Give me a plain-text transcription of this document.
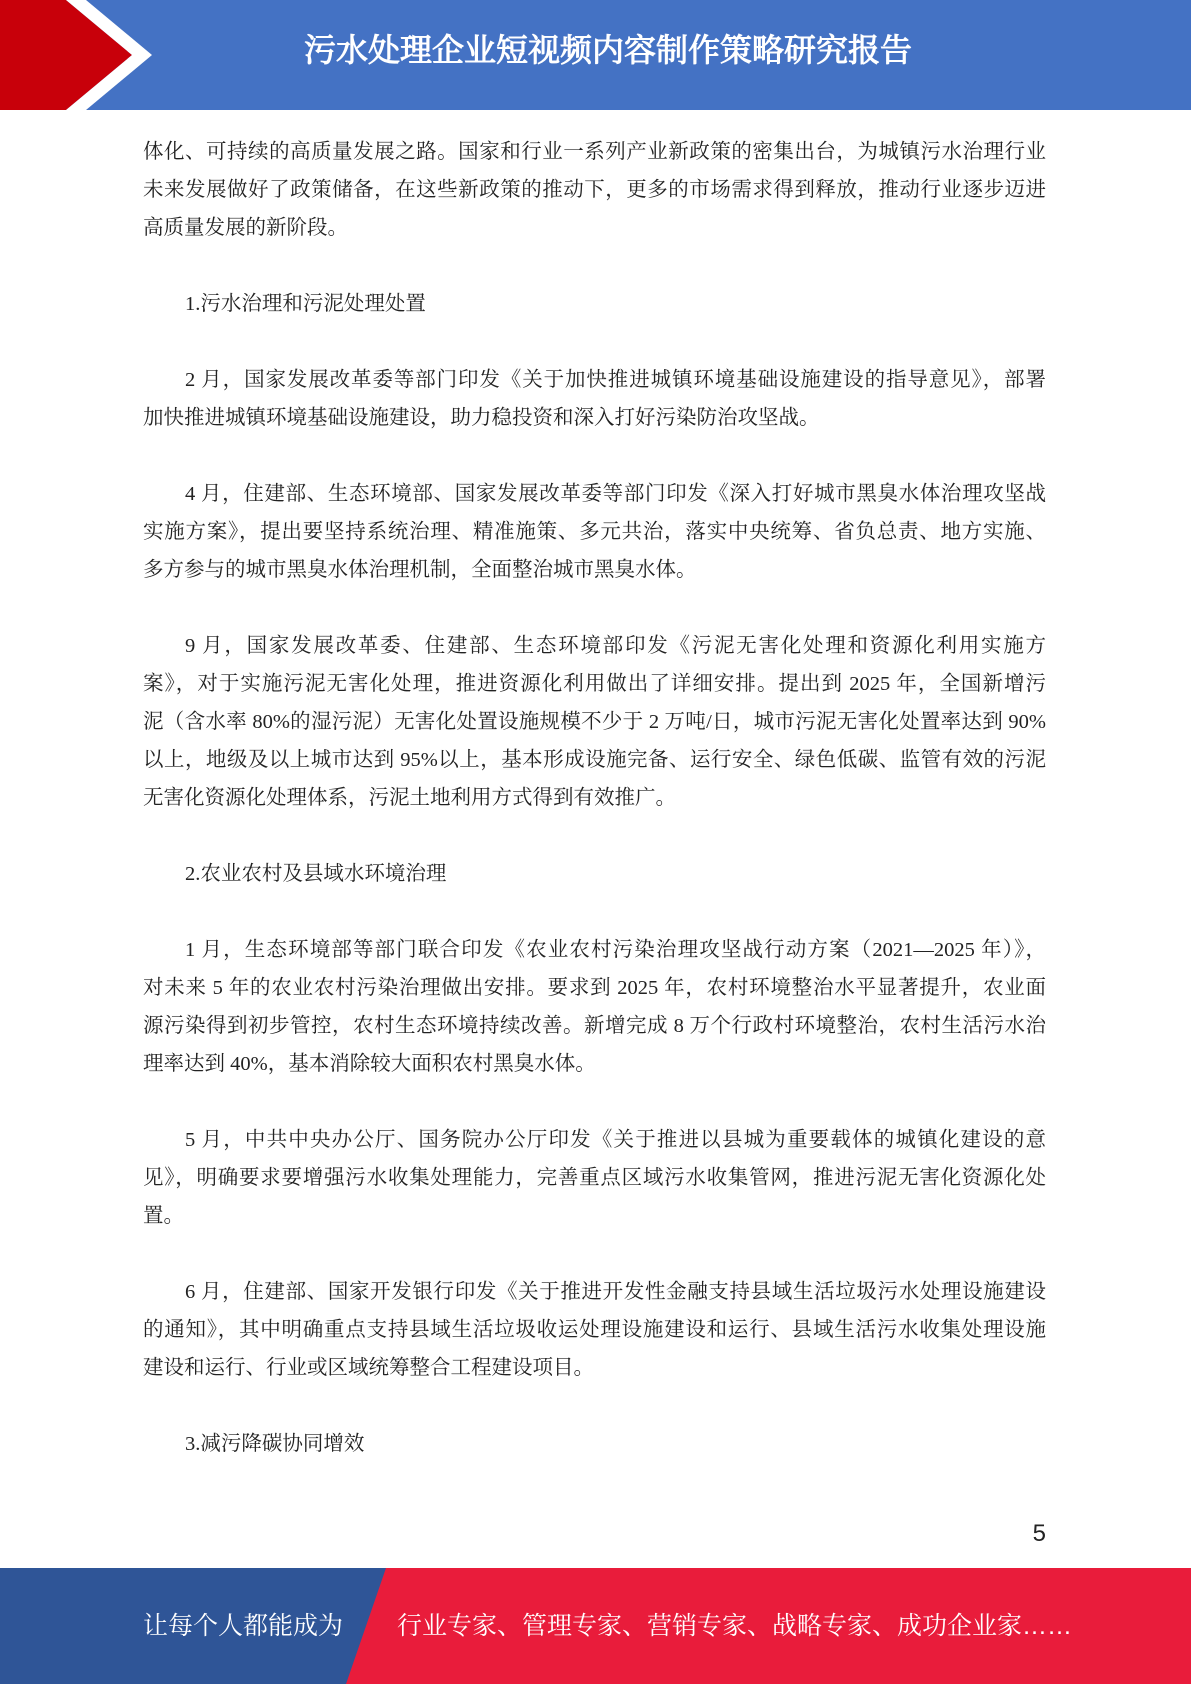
污水处理企业短视频内容制作策略研究报告
体化、可持续的高质量发展之路。国家和行业一系列产业新政策的密集出台，为城镇污水治理行业
未来发展做好了政策储备，在这些新政策的推动下，更多的市场需求得到释放，推动行业逐步迈进
高质量发展的新阶段。
1.污水治理和污泥处理处置
2 月，国家发展改革委等部门印发《关于加快推进城镇环境基础设施建设的指导意见》，部署
加快推进城镇环境基础设施建设，助力稳投资和深入打好污染防治攻坚战。
4 月，住建部、生态环境部、国家发展改革委等部门印发《深入打好城市黑臭水体治理攻坚战
实施方案》，提出要坚持系统治理、精准施策、多元共治，落实中央统筹、省负总责、地方实施、
多方参与的城市黑臭水体治理机制，全面整治城市黑臭水体。
9 月，国家发展改革委、住建部、生态环境部印发《污泥无害化处理和资源化利用实施方
案》，对于实施污泥无害化处理，推进资源化利用做出了详细安排。提出到 2025 年，全国新增污
泥（含水率 80%的湿污泥）无害化处置设施规模不少于 2 万吨/日，城市污泥无害化处置率达到 90%
以上，地级及以上城市达到 95%以上，基本形成设施完备、运行安全、绿色低碳、监管有效的污泥
无害化资源化处理体系，污泥土地利用方式得到有效推广。
2.农业农村及县域水环境治理
1 月，生态环境部等部门联合印发《农业农村污染治理攻坚战行动方案（2021—2025 年）》，
对未来 5 年的农业农村污染治理做出安排。要求到 2025 年，农村环境整治水平显著提升，农业面
源污染得到初步管控，农村生态环境持续改善。新增完成 8 万个行政村环境整治，农村生活污水治
理率达到 40%，基本消除较大面积农村黑臭水体。
5 月，中共中央办公厅、国务院办公厅印发《关于推进以县城为重要载体的城镇化建设的意
见》，明确要求要增强污水收集处理能力，完善重点区域污水收集管网，推进污泥无害化资源化处
置。
6 月，住建部、国家开发银行印发《关于推进开发性金融支持县域生活垃圾污水处理设施建设
的通知》，其中明确重点支持县域生活垃圾收运处理设施建设和运行、县域生活污水收集处理设施
建设和运行、行业或区域统筹整合工程建设项目。
3.减污降碳协同增效
5
让每个人都能成为 行业专家、管理专家、营销专家、战略专家、成功企业家……
